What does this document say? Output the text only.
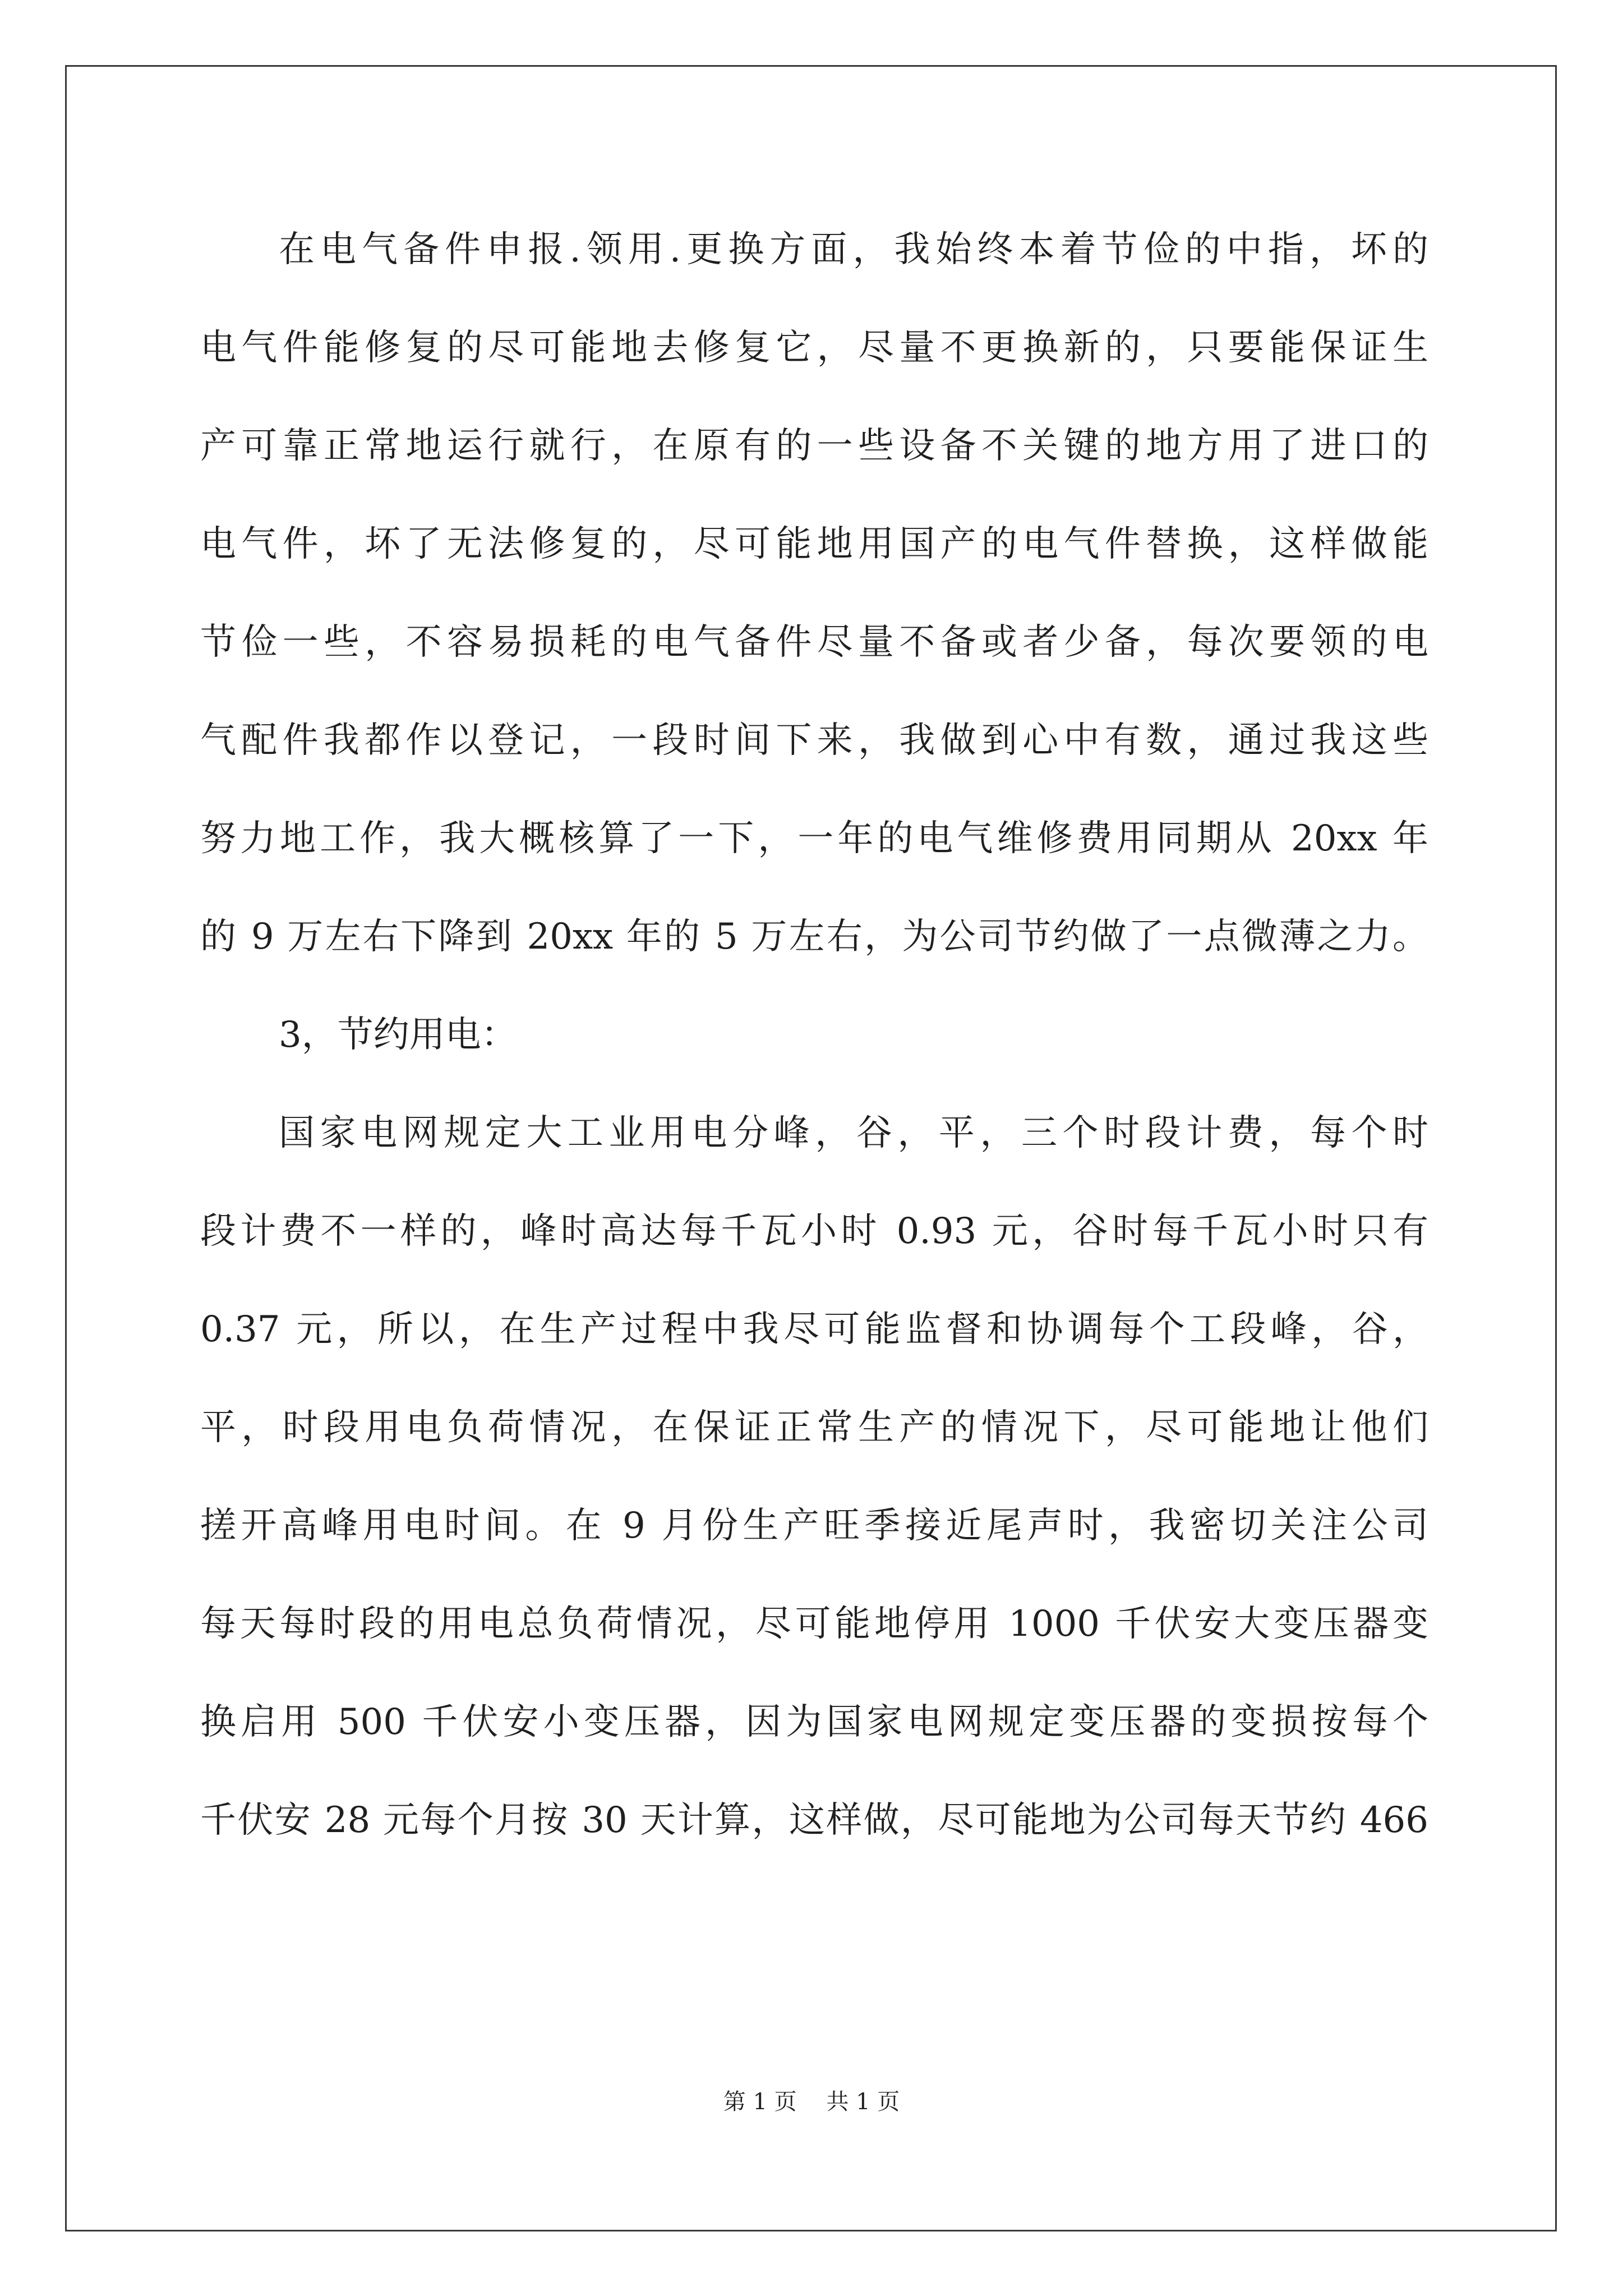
在电气备件申报.领用.更换方面，我始终本着节俭的中指，坏的
电气件能修复的尽可能地去修复它，尽量不更换新的，只要能保证生
产可靠正常地运行就行，在原有的一些设备不关键的地方用了进口的
电气件，坏了无法修复的，尽可能地用国产的电气件替换，这样做能
节俭一些，不容易损耗的电气备件尽量不备或者少备，每次要领的电
气配件我都作以登记，一段时间下来，我做到心中有数，通过我这些
努力地工作，我大概核算了一下，一年的电气维修费用同期从 20xx 年
的 9 万左右下降到 20xx 年的 5 万左右，为公司节约做了一点微薄之力。
3，节约用电：
国家电网规定大工业用电分峰，谷，平，三个时段计费，每个时
段计费不一样的，峰时高达每千瓦小时 0.93 元，谷时每千瓦小时只有
0.37 元，所以，在生产过程中我尽可能监督和协调每个工段峰，谷，
平，时段用电负荷情况，在保证正常生产的情况下，尽可能地让他们
搓开高峰用电时间。在 9 月份生产旺季接近尾声时，我密切关注公司
每天每时段的用电总负荷情况，尽可能地停用 1000 千伏安大变压器变
换启用 500 千伏安小变压器，因为国家电网规定变压器的变损按每个
千伏安 28 元每个月按 30 天计算，这样做，尽可能地为公司每天节约 466
第 1 页 共 1 页
